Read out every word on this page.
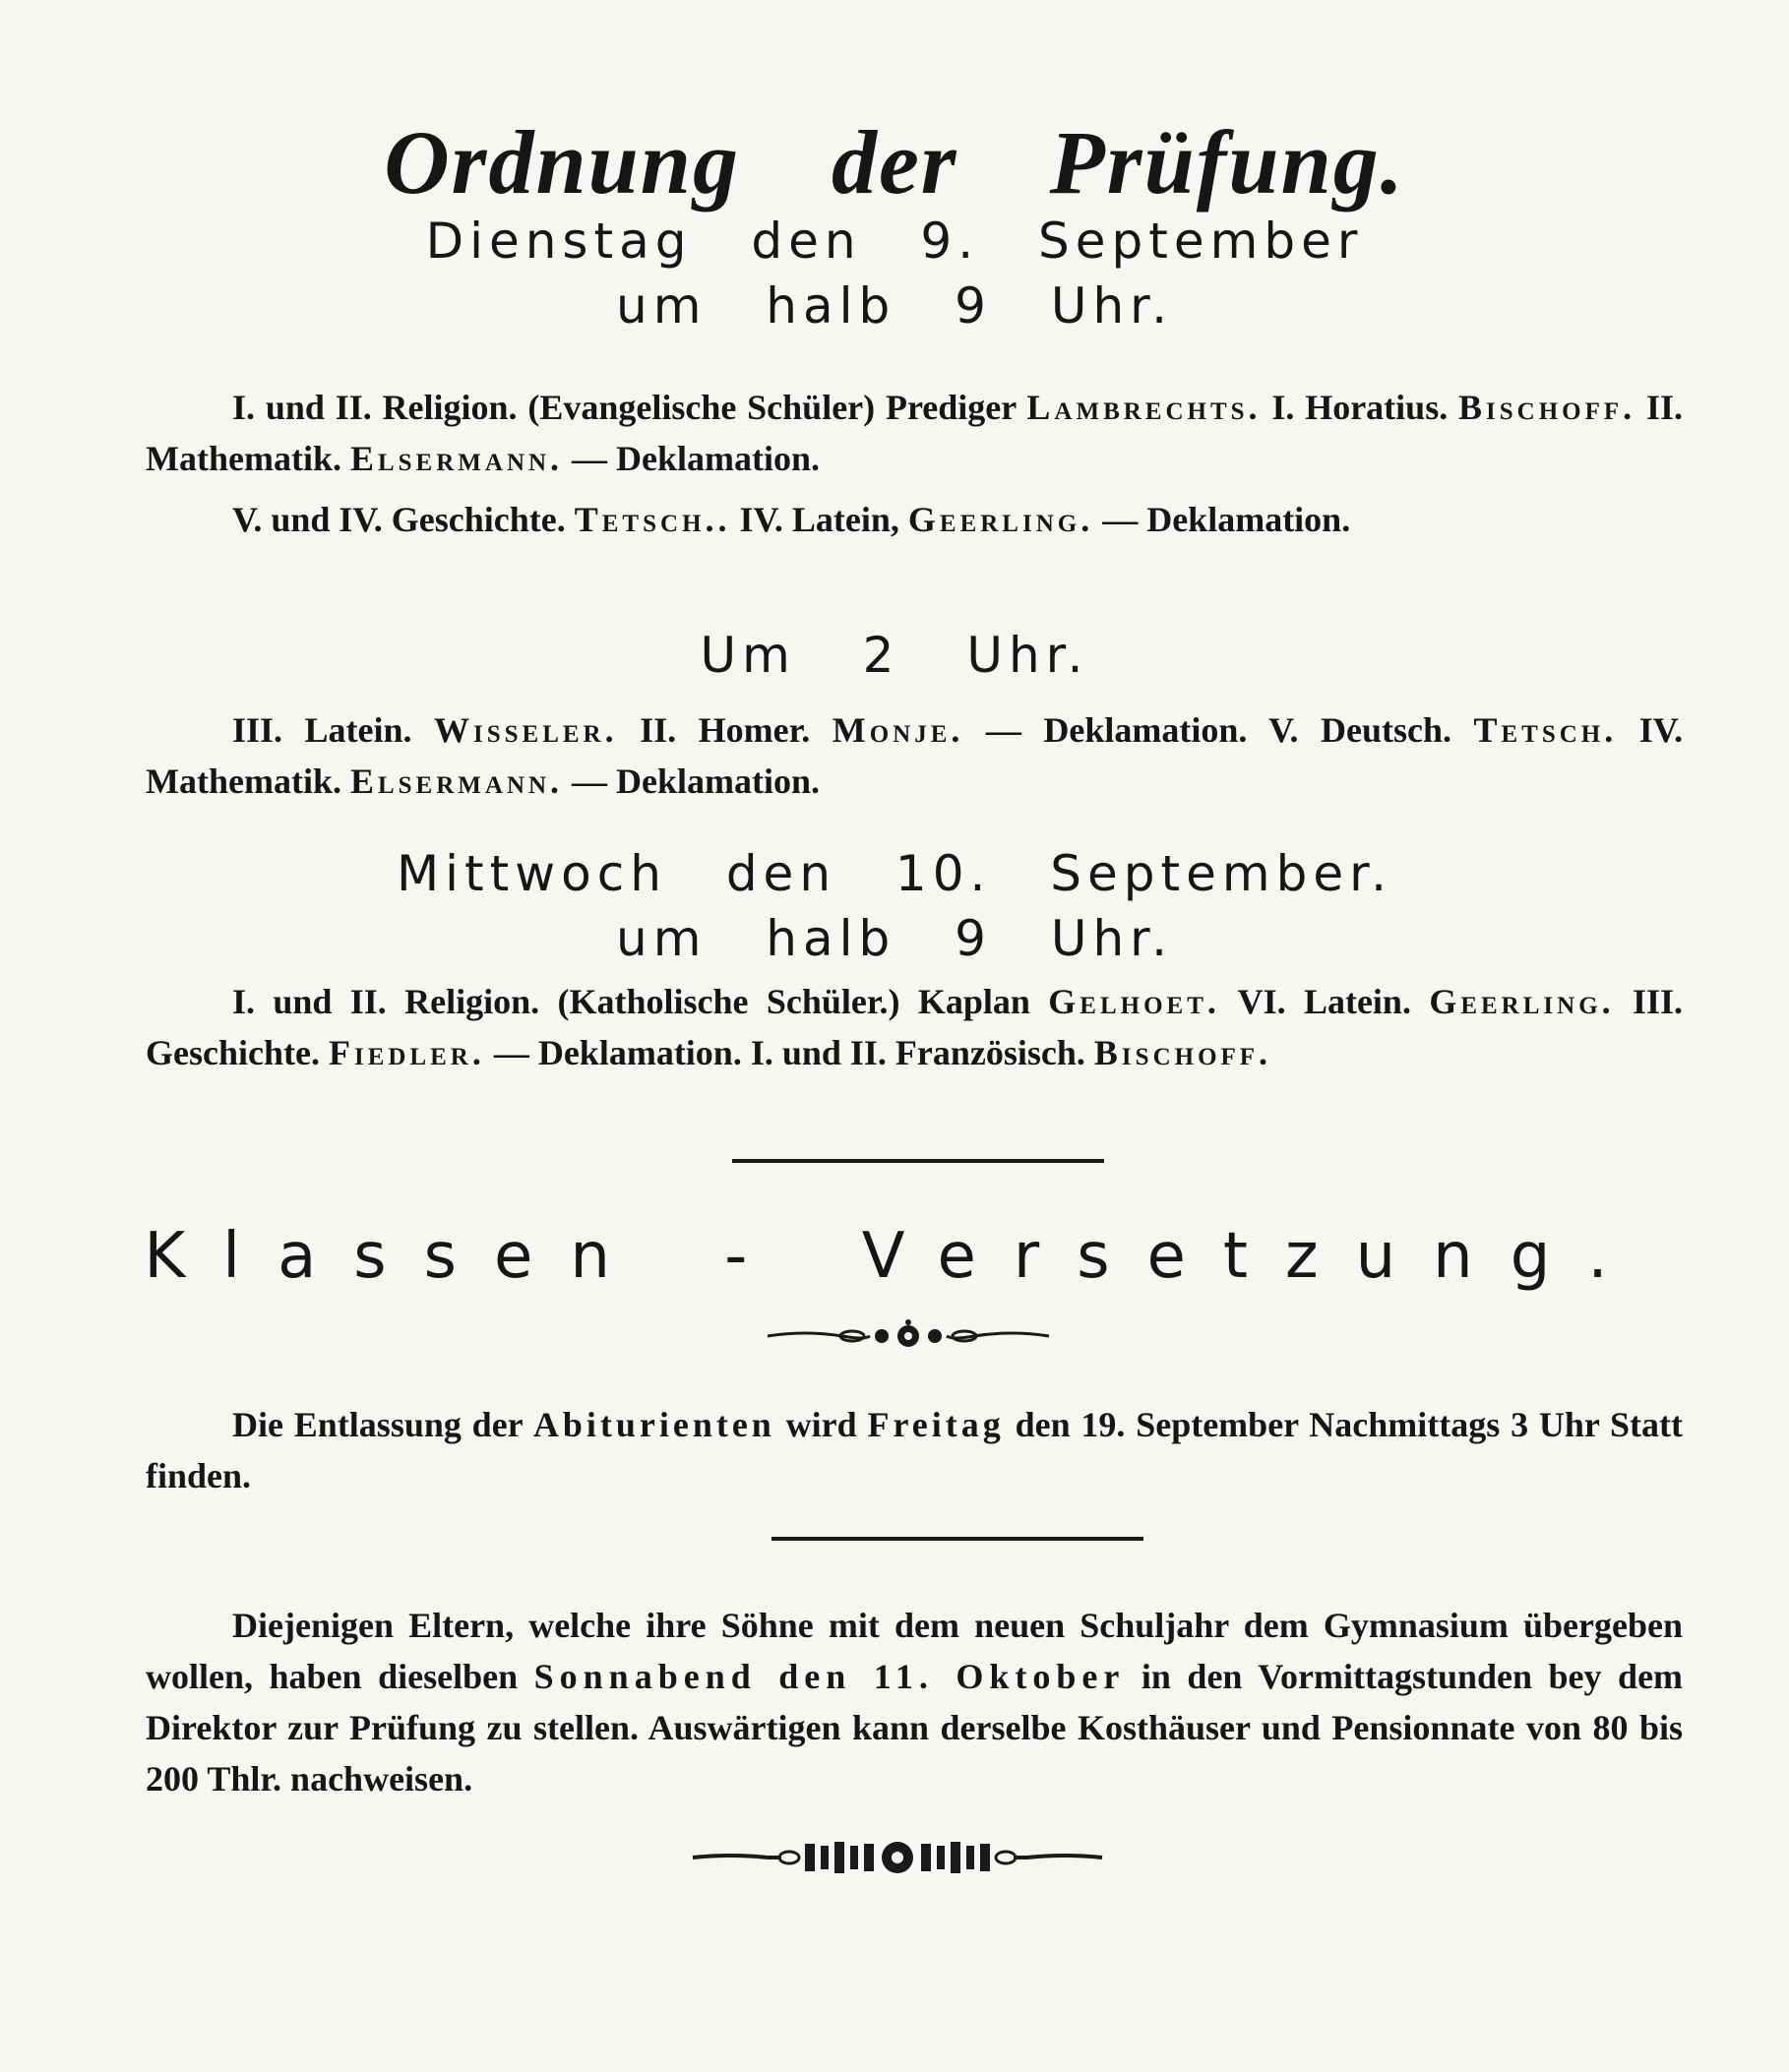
Ordnung der Prüfung.
Dienstag den 9. September
um halb 9 Uhr.

I. und II. Religion. (Evangelische Schüler) Prediger Lambrechts. I. Horatius. Bischoff. II. Mathematik. Elsermann. — Deklamation.

V. und IV. Geschichte. Tetsch.. IV. Latein, Geerling. — Deklamation.

Um 2 Uhr.

III. Latein. Wisseler. II. Homer. Monje. — Deklamation. V. Deutsch. Tetsch. IV. Mathematik. Elsermann. — Deklamation.

Mittwoch den 10. September.
um halb 9 Uhr.

I. und II. Religion. (Katholische Schüler.) Kaplan Gelhoet. VI. Latein. Geerling. III. Geschichte. Fiedler. — Deklamation. I. und II. Französisch. Bischoff.

Klassen - Versetzung.

Die Entlassung der Abiturienten wird Freitag den 19. September Nachmittags 3 Uhr Statt finden.

Diejenigen Eltern, welche ihre Söhne mit dem neuen Schuljahr dem Gymnasium übergeben wollen, haben dieselben Sonnabend den 11. Oktober in den Vormittagstunden bey dem Direktor zur Prüfung zu stellen. Auswärtigen kann derselbe Kosthäuser und Pensionnate von 80 bis 200 Thlr. nachweisen.
